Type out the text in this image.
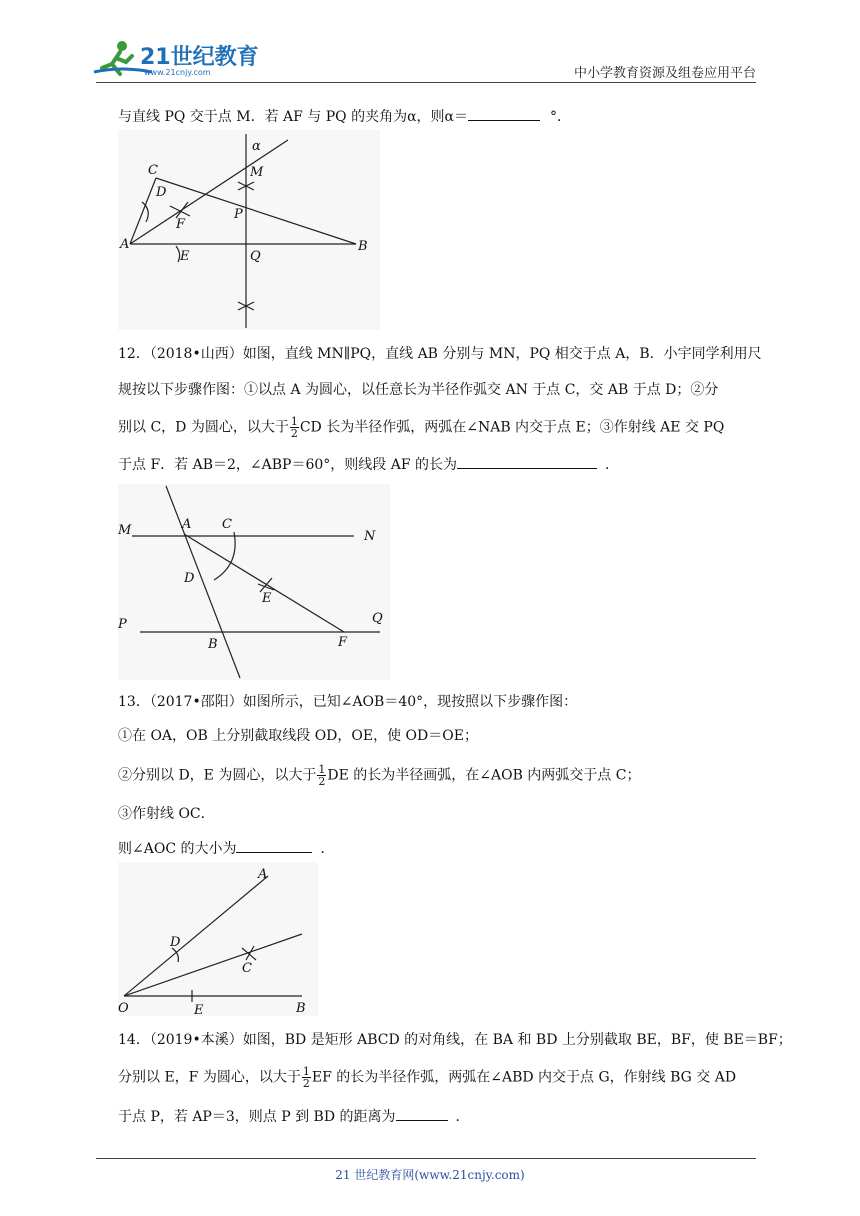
21世纪教育
www.21cnjy.com	中小学教育资源及组卷应用平台
与直线 PQ 交于点 M．若 AF 与 PQ 的夹角为α，则α＝	°．
C
α
M
D
F
P
A
E	Q
B
12．（2018•山西）如图，直线 MN∥PQ，直线 AB 分别与 MN，PQ 相交于点 A，B．小宇同学利用尺
规按以下步骤作图：①以点 A 为圆心，以任意长为半径作弧交 AN 于点 C，交 AB 于点 D；②分
别以 C，D 为圆心，以大于 $\frac{1}{2}$ CD 长为半径作弧，两弧在∠NAB 内交于点 E；③作射线 AE 交 PQ
于点 F．若 AB＝2，∠ABP＝60°，则线段 AF 的长为	．
M	A C
N
D
E
P	Q
B	F
13．（2017•邵阳）如图所示，已知∠AOB＝40°，现按照以下步骤作图：
①在 OA，OB 上分别截取线段 OD，OE，使 OD＝OE；
②分别以 D，E 为圆心，以大于 $\frac{1}{2}$ DE 的长为半径画弧，在∠AOB 内两弧交于点 C；
③作射线 OC．
则∠AOC 的大小为	．
A
D
C
O	E	B
14．（2019•本溪）如图，BD 是矩形 ABCD 的对角线，在 BA 和 BD 上分别截取 BE，BF，使 BE＝BF；
分别以 E，F 为圆心，以大于 $\frac{1}{2}$ EF 的长为半径作弧，两弧在∠ABD 内交于点 G，作射线 BG 交 AD
于点 P，若 AP＝3，则点 P 到 BD 的距离为	．
21 世纪教育网(www.21cnjy.com)
